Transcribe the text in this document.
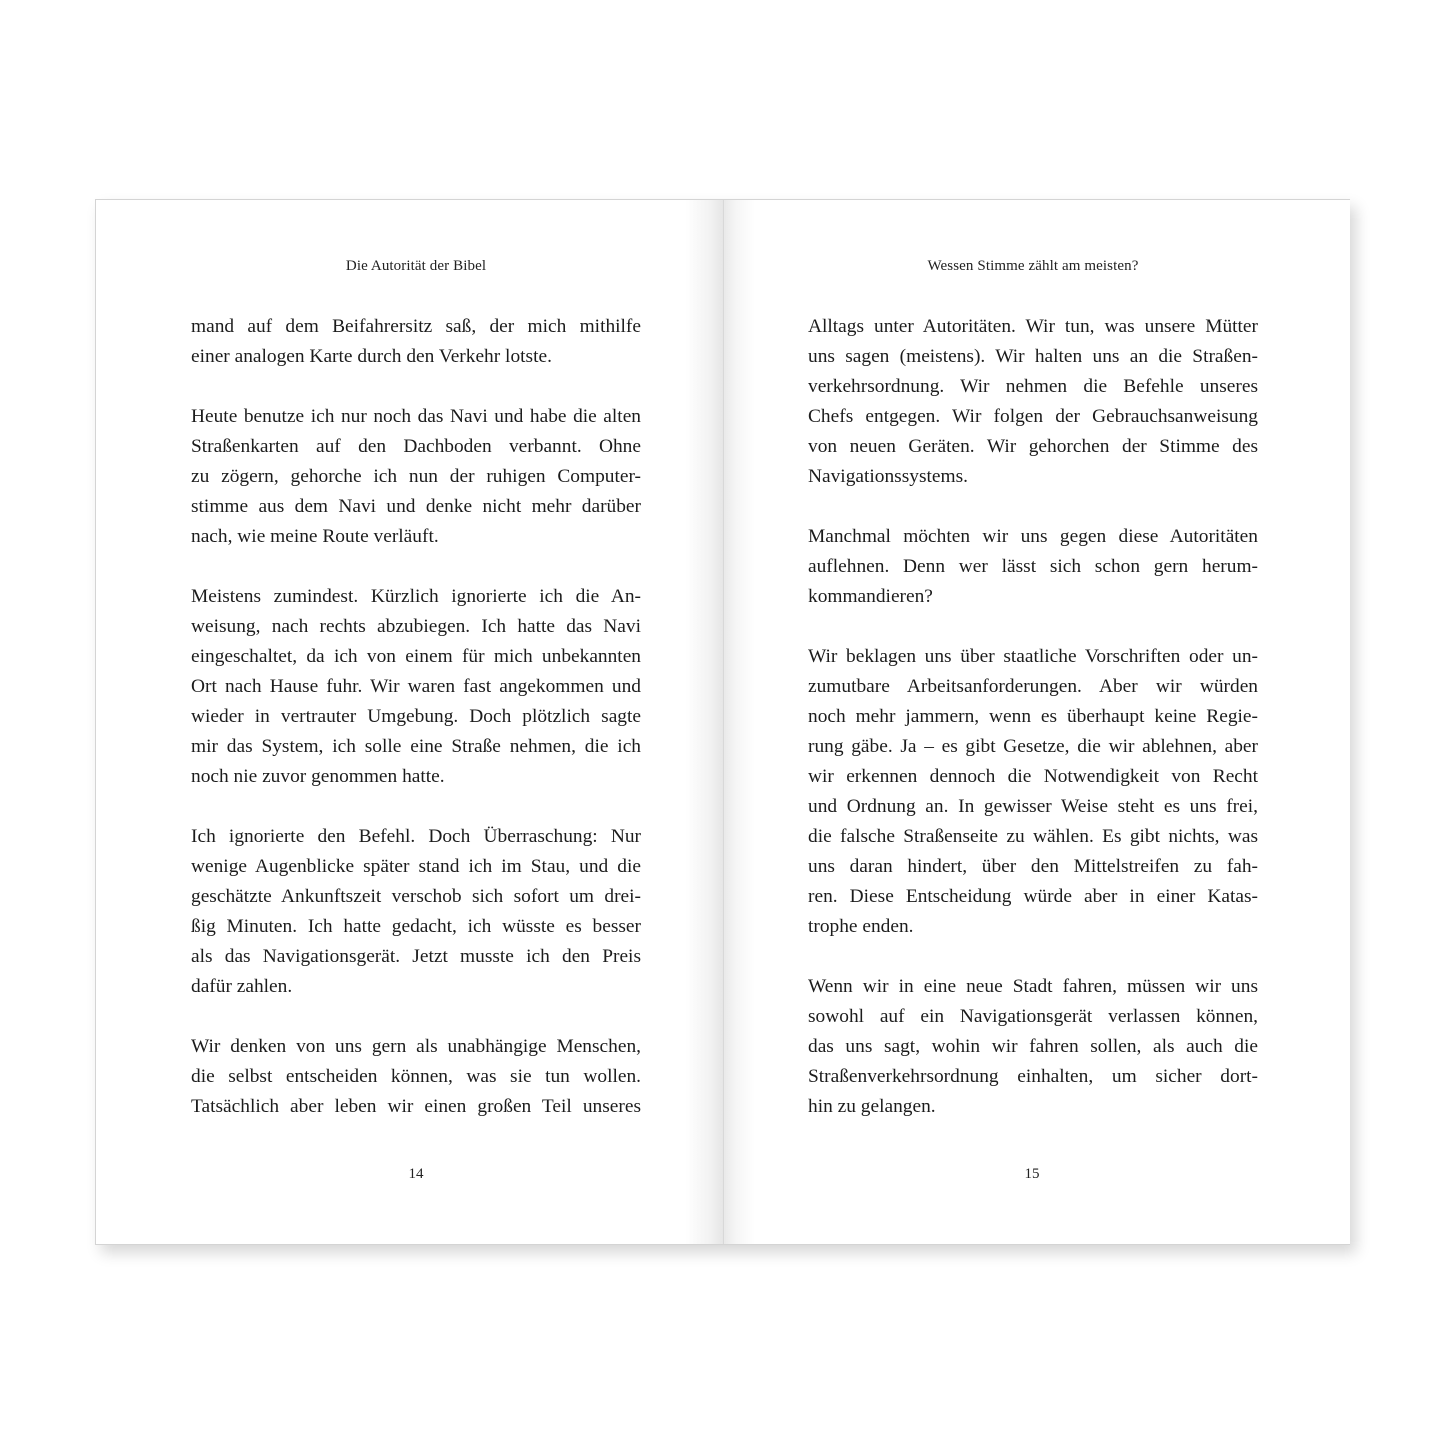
Die Autorität der Bibel
mand auf dem Beifahrersitz saß, der mich mithilfe
einer analogen Karte durch den Verkehr lotste.
Heute benutze ich nur noch das Navi und habe die alten
Straßenkarten auf den Dachboden verbannt. Ohne
zu zögern, gehorche ich nun der ruhigen Computer-
stimme aus dem Navi und denke nicht mehr darüber
nach, wie meine Route verläuft.
Meistens zumindest. Kürzlich ignorierte ich die An-
weisung, nach rechts abzubiegen. Ich hatte das Navi
eingeschaltet, da ich von einem für mich unbekannten
Ort nach Hause fuhr. Wir waren fast angekommen und
wieder in vertrauter Umgebung. Doch plötzlich sagte
mir das System, ich solle eine Straße nehmen, die ich
noch nie zuvor genommen hatte.
Ich ignorierte den Befehl. Doch Überraschung: Nur
wenige Augenblicke später stand ich im Stau, und die
geschätzte Ankunftszeit verschob sich sofort um drei-
ßig Minuten. Ich hatte gedacht, ich wüsste es besser
als das Navigationsgerät. Jetzt musste ich den Preis
dafür zahlen.
Wir denken von uns gern als unabhängige Menschen,
die selbst entscheiden können, was sie tun wollen.
Tatsächlich aber leben wir einen großen Teil unseres
14
Wessen Stimme zählt am meisten?
Alltags unter Autoritäten. Wir tun, was unsere Mütter
uns sagen (meistens). Wir halten uns an die Straßen-
verkehrsordnung. Wir nehmen die Befehle unseres
Chefs entgegen. Wir folgen der Gebrauchsanweisung
von neuen Geräten. Wir gehorchen der Stimme des
Navigationssystems.
Manchmal möchten wir uns gegen diese Autoritäten
auflehnen. Denn wer lässt sich schon gern herum-
kommandieren?
Wir beklagen uns über staatliche Vorschriften oder un-
zumutbare Arbeitsanforderungen. Aber wir würden
noch mehr jammern, wenn es überhaupt keine Regie-
rung gäbe. Ja – es gibt Gesetze, die wir ablehnen, aber
wir erkennen dennoch die Notwendigkeit von Recht
und Ordnung an. In gewisser Weise steht es uns frei,
die falsche Straßenseite zu wählen. Es gibt nichts, was
uns daran hindert, über den Mittelstreifen zu fah-
ren. Diese Entscheidung würde aber in einer Katas-
trophe enden.
Wenn wir in eine neue Stadt fahren, müssen wir uns
sowohl auf ein Navigationsgerät verlassen können,
das uns sagt, wohin wir fahren sollen, als auch die
Straßenverkehrsordnung einhalten, um sicher dort-
hin zu gelangen.
15
